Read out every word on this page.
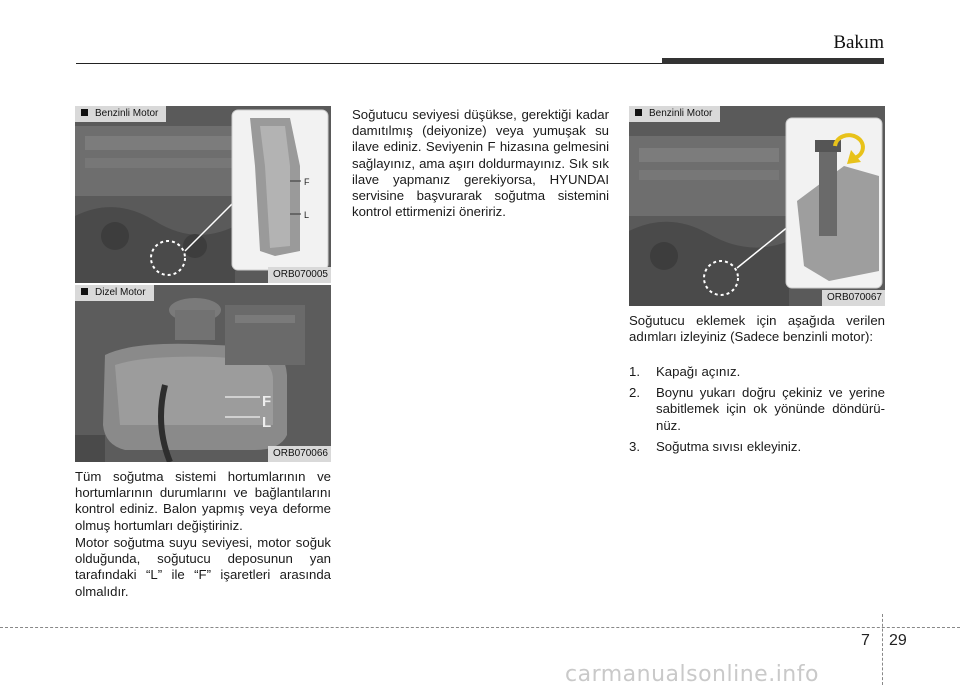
Bakım
Benzinli Motor
F
L
ORB070005
Dizel Motor
F
L
ORB070066

Tüm soğutma sistemi hortumlarının ve hortumlarının durumlarını ve bağlantılarını kontrol ediniz. Balon yapmış veya deforme olmuş hortumları değiştiriniz.

Motor soğutma suyu seviyesi, motor soğuk olduğunda, soğutucu deposunun yan tarafındaki “L” ile “F” işaretleri arasında olmalıdır.

Soğutucu seviyesi düşükse, gerektiği kadar damıtılmış (deiyonize) veya yumuşak su ilave ediniz. Seviyenin F hizasına gelmesini sağlayınız, ama aşırı doldurmayınız. Sık sık ilave yapmanız gerekiyorsa, HYUNDAI servisine başvurarak soğutma sistemini kontrol ettirmenizi öneririz.

Benzinli Motor
ORB070067

Soğutucu eklemek için aşağıda verilen adımları izleyiniz (Sadece benzinli motor):

1. Kapağı açınız.
2. Boynu yukarı doğru çekiniz ve yerine sabitlemek için ok yönünde döndürünüz.
3. Soğutma sıvısı ekleyiniz.
7 29
carmanualsonline.info
